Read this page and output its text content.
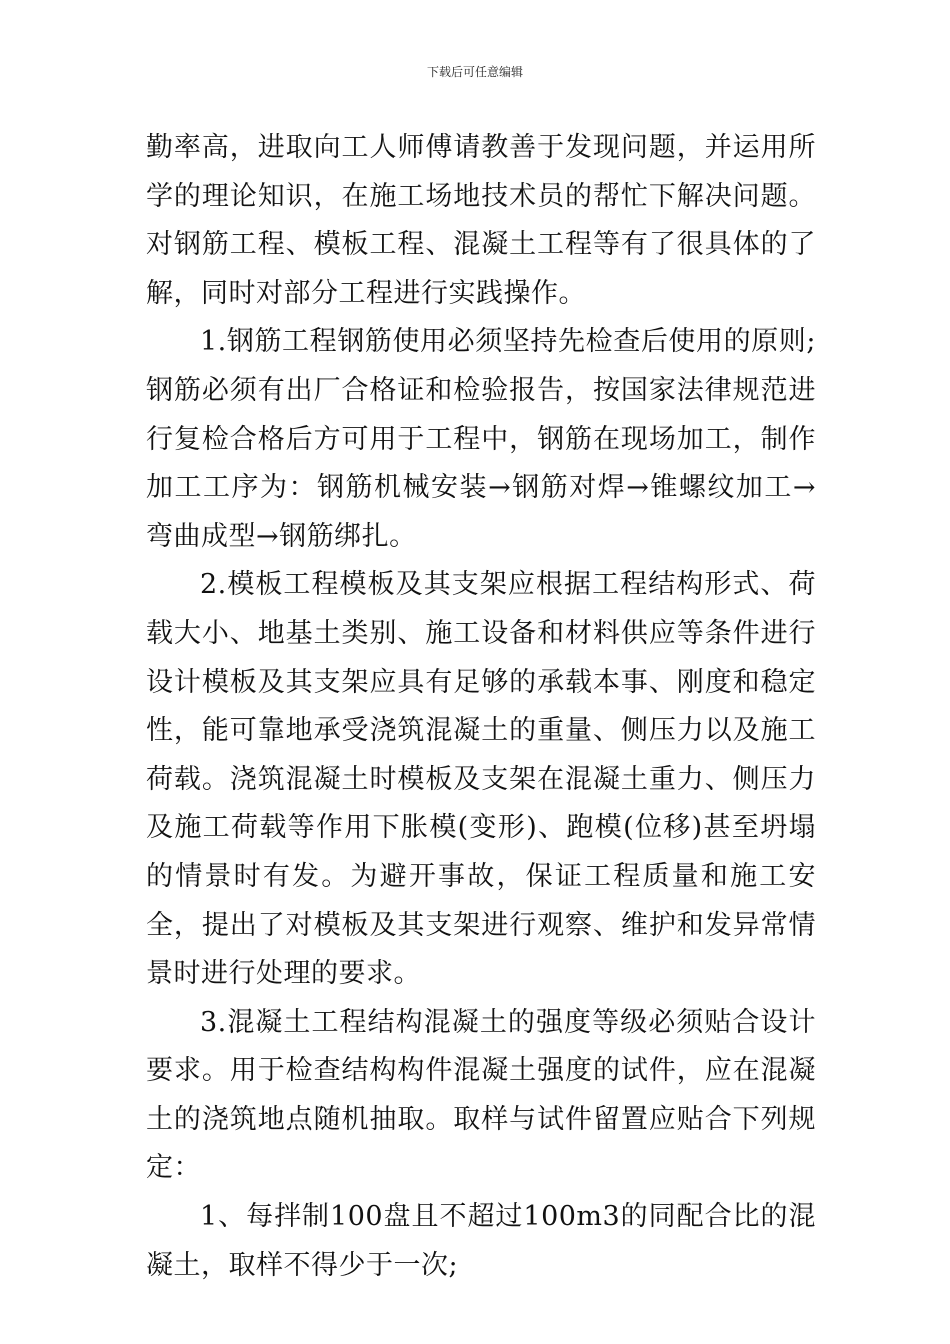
下载后可任意编辑

勤率高，进取向工人师傅请教善于发现问题，并运用所学的理论知识，在施工场地技术员的帮忙下解决问题。对钢筋工程、模板工程、混凝土工程等有了很具体的了解，同时对部分工程进行实践操作。

1.钢筋工程钢筋使用必须坚持先检查后使用的原则;钢筋必须有出厂合格证和检验报告，按国家法律规范进行复检合格后方可用于工程中，钢筋在现场加工，制作加工工序为：钢筋机械安装→钢筋对焊→锥螺纹加工→弯曲成型→钢筋绑扎。

2.模板工程模板及其支架应根据工程结构形式、荷载大小、地基土类别、施工设备和材料供应等条件进行设计模板及其支架应具有足够的承载本事、刚度和稳定性，能可靠地承受浇筑混凝土的重量、侧压力以及施工荷载。浇筑混凝土时模板及支架在混凝土重力、侧压力及施工荷载等作用下胀模(变形)、跑模(位移)甚至坍塌的情景时有发。为避开事故，保证工程质量和施工安全，提出了对模板及其支架进行观察、维护和发异常情景时进行处理的要求。

3.混凝土工程结构混凝土的强度等级必须贴合设计要求。用于检查结构构件混凝土强度的试件，应在混凝土的浇筑地点随机抽取。取样与试件留置应贴合下列规定：

1、每拌制100盘且不超过100m3的同配合比的混凝土，取样不得少于一次;
